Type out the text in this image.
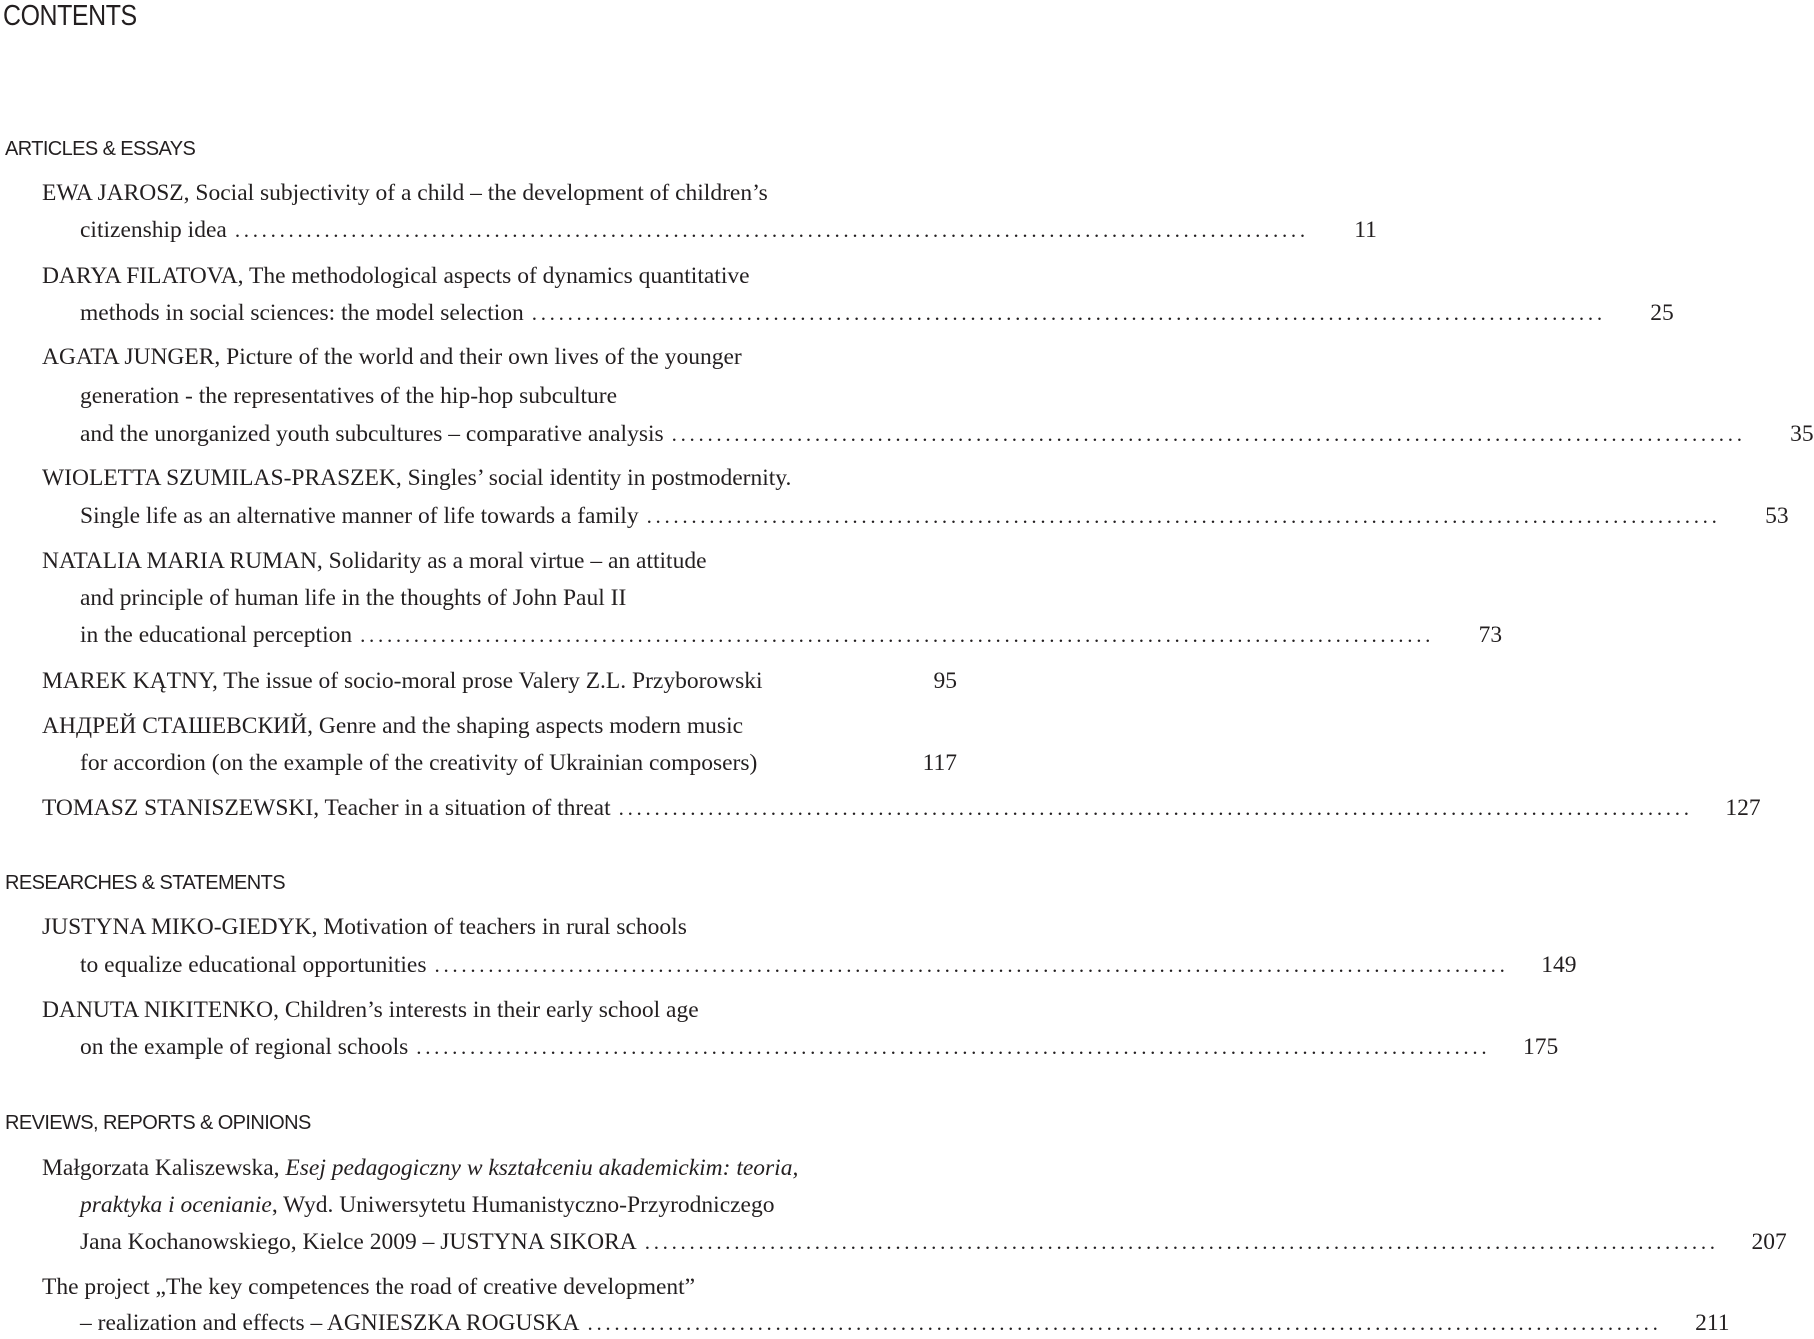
CONTENTS
ARTICLES & ESSAYS
EWA JAROSZ, Social subjectivity of a child – the development of children’s
citizenship idea ........................................................................................................................	11
DARYA FILATOVA, The methodological aspects of dynamics quantitative
methods in social sciences: the model selection ........................................................................................................................	25
AGATA JUNGER, Picture of the world and their own lives of the younger
generation - the representatives of the hip-hop subculture
and the unorganized youth subcultures – comparative analysis ........................................................................................................................	35
WIOLETTA SZUMILAS-PRASZEK, Singles’ social identity in postmodernity.
Single life as an alternative manner of life towards a family ........................................................................................................................	53
NATALIA MARIA RUMAN, Solidarity as a moral virtue – an attitude
and principle of human life in the thoughts of John Paul II
in the educational perception ........................................................................................................................	73
MAREK KĄTNY, The issue of socio-moral prose Valery Z.L. Przyborowski	95
АНДРЕЙ СТАШЕВСКИЙ, Genre and the shaping aspects modern music
for accordion (on the example of the creativity of Ukrainian composers)	117
TOMASZ STANISZEWSKI, Teacher in a situation of threat ........................................................................................................................	127
RESEARCHES & STATEMENTS
JUSTYNA MIKO-GIEDYK, Motivation of teachers in rural schools
to equalize educational opportunities ........................................................................................................................	149
DANUTA NIKITENKO, Children’s interests in their early school age
on the example of regional schools ........................................................................................................................	175
REVIEWS, REPORTS & OPINIONS
Małgorzata Kaliszewska, Esej pedagogiczny w kształceniu akademickim: teoria,
praktyka i ocenianie, Wyd. Uniwersytetu Humanistyczno-Przyrodniczego
Jana Kochanowskiego, Kielce 2009 – JUSTYNA SIKORA ........................................................................................................................	207
The project „The key competences the road of creative development”
– realization and effects – AGNIESZKA ROGUSKA ........................................................................................................................	211
